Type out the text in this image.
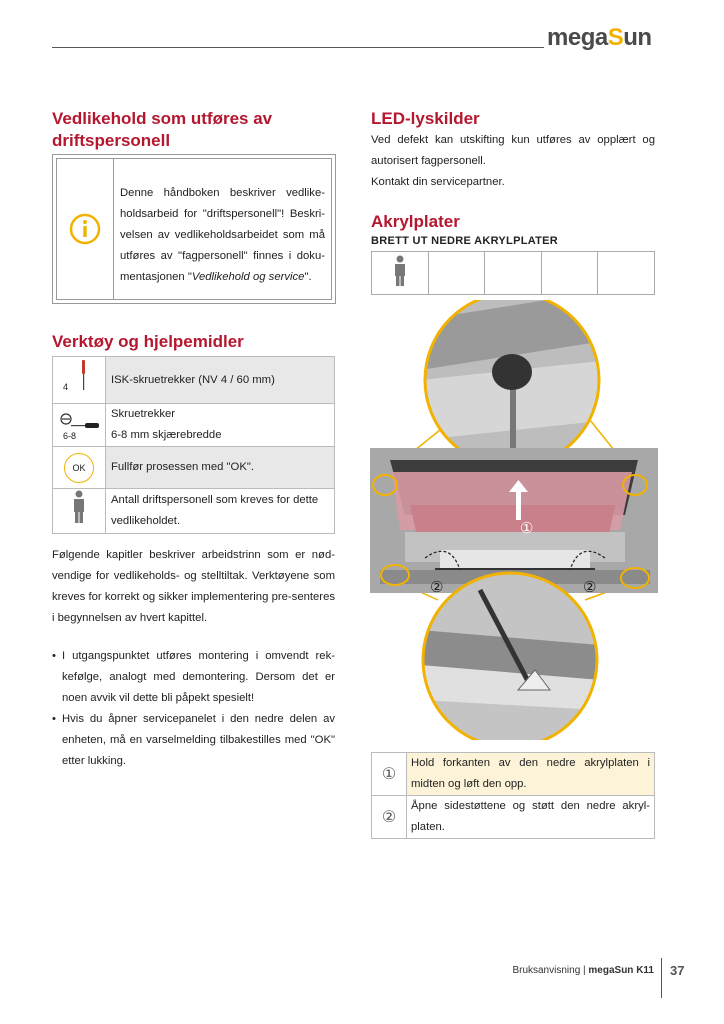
megaSun
Vedlikehold som utføres av driftspersonell
Denne håndboken beskriver vedlike-holdsarbeid for "driftspersonell"! Beskri-velsen av vedlikeholdsarbeidet som må utføres av "fagpersonell" finnes i doku-mentasjonen "Vedlikehold og service".
Verktøy og hjelpemidler
4	ISK-skruetrekker (NV 4 / 60 mm)

6-8	Skruetrekker
6-8 mm skjærebredde
OK	Fullfør prosessen med "OK".
	Antall driftspersonell som kreves for dette vedlikeholdet.
Følgende kapitler beskriver arbeidstrinn som er nød-vendige for vedlikeholds- og stelltiltak. Verktøyene som kreves for korrekt og sikker implementering pre-senteres i begynnelsen av hvert kapittel.
• I utgangspunktet utføres montering i omvendt rek-kefølge, analogt med demontering. Dersom det er noen avvik vil dette bli påpekt spesielt!
• Hvis du åpner servicepanelet i den nedre delen av enheten, må en varselmelding tilbakestilles med "OK" etter lukking.
LED-lyskilder
Ved defekt kan utskifting kun utføres av opplært og autorisert fagpersonell.
Kontakt din servicepartner.
Akrylplater
BRETT UT NEDRE AKRYLPLATER

①
②	②
①	Hold forkanten av den nedre akrylplaten i midten og løft den opp.
②	Åpne sidestøttene og støtt den nedre akryl-platen.
Bruksanvisning | megaSun K11 37
